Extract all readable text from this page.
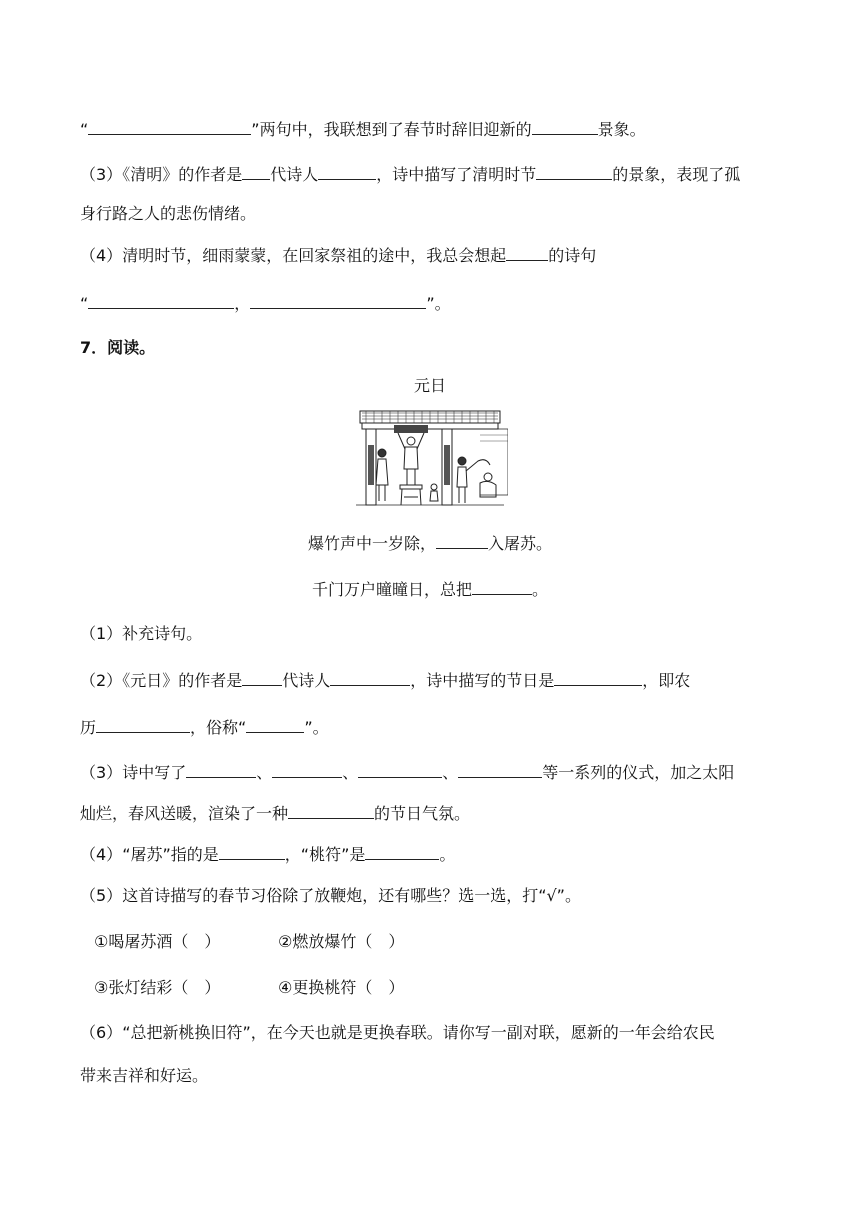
“	”两句中，我联想到了春节时辞旧迎新的	景象。
（3）《清明》的作者是 代诗人	，诗中描写了清明时节	的景象，表现了孤
身行路之人的悲伤情绪。
（4）清明时节，细雨蒙蒙，在回家祭祖的途中，我总会想起	的诗句
“	，	”。
7．阅读。
元日
爆竹声中一岁除，	入屠苏。
千门万户曈曈日，总把	。
（1）补充诗句。
（2）《元日》的作者是	代诗人	，诗中描写的节日是	，即农
历	，俗称“	”。
（3）诗中写了	、	、	、	等一系列的仪式，加之太阳
灿烂，春风送暖，渲染了一种	的节日气氛。
（4）“屠苏”指的是	，“桃符”是	。
（5）这首诗描写的春节习俗除了放鞭炮，还有哪些？选一选，打“√”。
①喝屠苏酒（　）	②燃放爆竹（　）
③张灯结彩（　）	④更换桃符（　）
（6）“总把新桃换旧符”，在今天也就是更换春联。请你写一副对联，愿新的一年会给农民
带来吉祥和好运。
